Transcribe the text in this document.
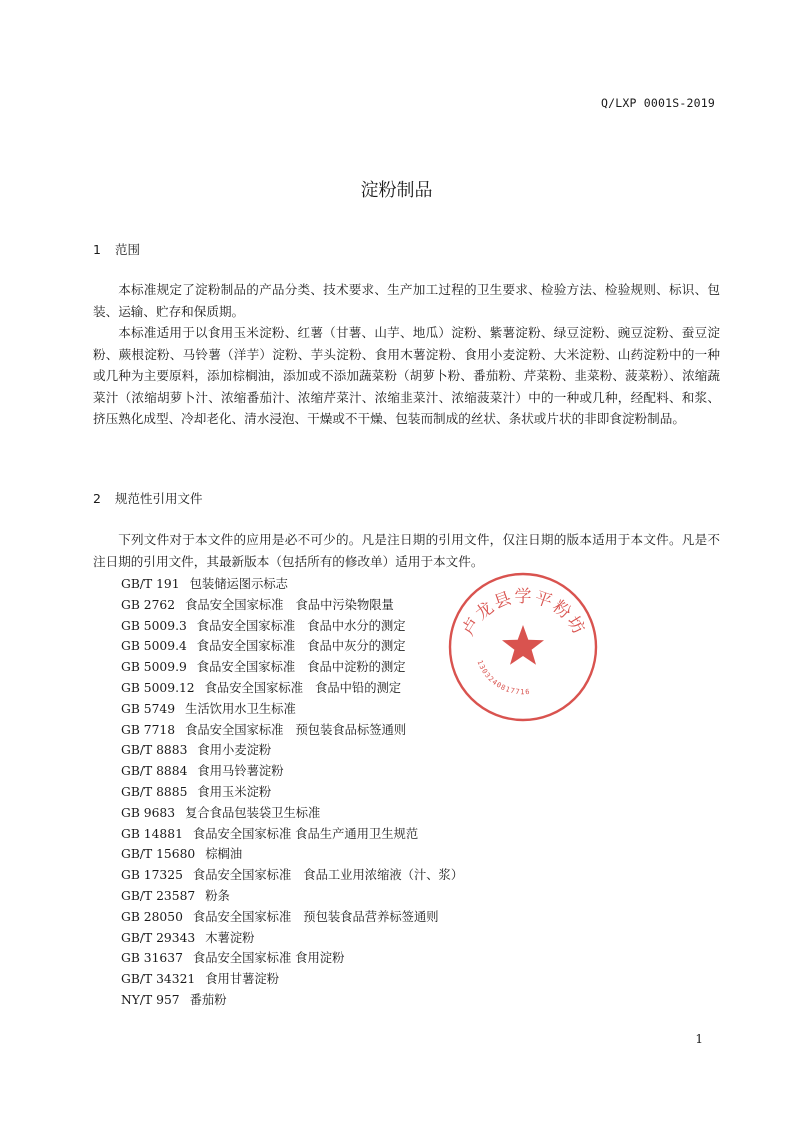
Q/LXP 0001S-2019
淀粉制品
1 范围

本标准规定了淀粉制品的产品分类、技术要求、生产加工过程的卫生要求、检验方法、检验规则、标识、包装、运输、贮存和保质期。

本标准适用于以食用玉米淀粉、红薯（甘薯、山芋、地瓜）淀粉、紫薯淀粉、绿豆淀粉、豌豆淀粉、蚕豆淀粉、蕨根淀粉、马铃薯（洋芋）淀粉、芋头淀粉、食用木薯淀粉、食用小麦淀粉、大米淀粉、山药淀粉中的一种或几种为主要原料，添加棕榈油，添加或不添加蔬菜粉（胡萝卜粉、番茄粉、芹菜粉、韭菜粉、菠菜粉）、浓缩蔬菜汁（浓缩胡萝卜汁、浓缩番茄汁、浓缩芹菜汁、浓缩韭菜汁、浓缩菠菜汁）中的一种或几种，经配料、和浆、挤压熟化成型、冷却老化、清水浸泡、干燥或不干燥、包装而制成的丝状、条状或片状的非即食淀粉制品。

2 规范性引用文件

下列文件对于本文件的应用是必不可少的。凡是注日期的引用文件，仅注日期的版本适用于本文件。凡是不注日期的引用文件，其最新版本（包括所有的修改单）适用于本文件。

GB/T 191 包装储运图示标志
GB 2762 食品安全国家标准 食品中污染物限量
GB 5009.3 食品安全国家标准 食品中水分的测定
GB 5009.4 食品安全国家标准 食品中灰分的测定
GB 5009.9 食品安全国家标准 食品中淀粉的测定
GB 5009.12 食品安全国家标准 食品中铅的测定
GB 5749 生活饮用水卫生标准
GB 7718 食品安全国家标准 预包装食品标签通则
GB/T 8883 食用小麦淀粉
GB/T 8884 食用马铃薯淀粉
GB/T 8885 食用玉米淀粉
GB 9683 复合食品包装袋卫生标准
GB 14881 食品安全国家标准 食品生产通用卫生规范
GB/T 15680 棕榈油
GB 17325 食品安全国家标准 食品工业用浓缩液（汁、浆）
GB/T 23587 粉条
GB 28050 食品安全国家标准 预包装食品营养标签通则
GB/T 29343 木薯淀粉
GB 31637 食品安全国家标准 食用淀粉
GB/T 34321 食用甘薯淀粉
NY/T 957 番茄粉
卢龙县学平粉坊
1303240817716
1
